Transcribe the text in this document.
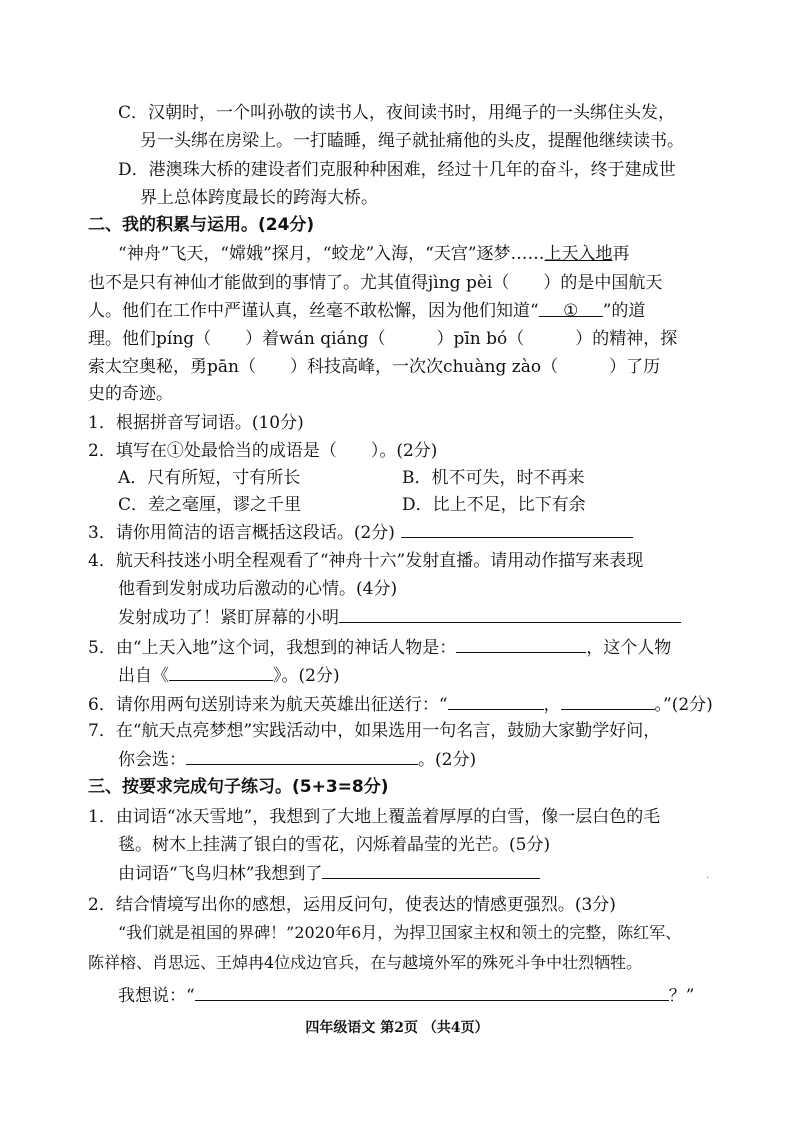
C．汉朝时，一个叫孙敬的读书人，夜间读书时，用绳子的一头绑住头发，
另一头绑在房梁上。一打瞌睡，绳子就扯痛他的头皮，提醒他继续读书。
D．港澳珠大桥的建设者们克服种种困难，经过十几年的奋斗，终于建成世
界上总体跨度最长的跨海大桥。
二、我的积累与运用。(24分)
“神舟”飞天，“嫦娥”探月，“蛟龙”入海，“天宫”逐梦……上天入地再
也不是只有神仙才能做到的事情了。尤其值得jìng pèi（　　）的是中国航天
人。他们在工作中严谨认真，丝毫不敢松懈，因为他们知道“ ① ”的道
理。他们píng（　　）着wán qiáng（　　　）pīn bó（　　　）的精神，探
索太空奥秘，勇pān（　　）科技高峰，一次次chuàng zào（　　　）了历
史的奇迹。
1．根据拼音写词语。(10分)
2．填写在①处最恰当的成语是（　　）。(2分)
A．尺有所短，寸有所长	B．机不可失，时不再来
C．差之毫厘，谬之千里	D．比上不足，比下有余
3．请你用简洁的语言概括这段话。(2分)
4．航天科技迷小明全程观看了“神舟十六”发射直播。请用动作描写来表现
他看到发射成功后激动的心情。(4分)
发射成功了！紧盯屏幕的小明
5．由“上天入地”这个词，我想到的神话人物是：	，这个人物
出自《	》。(2分)
6．请你用两句送别诗来为航天英雄出征送行：“	，	。”(2分)
7．在“航天点亮梦想”实践活动中，如果选用一句名言，鼓励大家勤学好问，
你会选：	。(2分)
三、按要求完成句子练习。(5+3=8分)
1．由词语“冰天雪地”，我想到了大地上覆盖着厚厚的白雪，像一层白色的毛
毯。树木上挂满了银白的雪花，闪烁着晶莹的光芒。(5分)
由词语“飞鸟归林”我想到了
2．结合情境写出你的感想，运用反问句，使表达的情感更强烈。(3分)
“我们就是祖国的界碑！”2020年6月，为捍卫国家主权和领土的完整，陈红军、
陈祥榕、肖思远、王焯冉4位戍边官兵，在与越境外军的殊死斗争中壮烈牺牲。
我想说：“	？”
·
四年级语文 第2页 （共4页）
